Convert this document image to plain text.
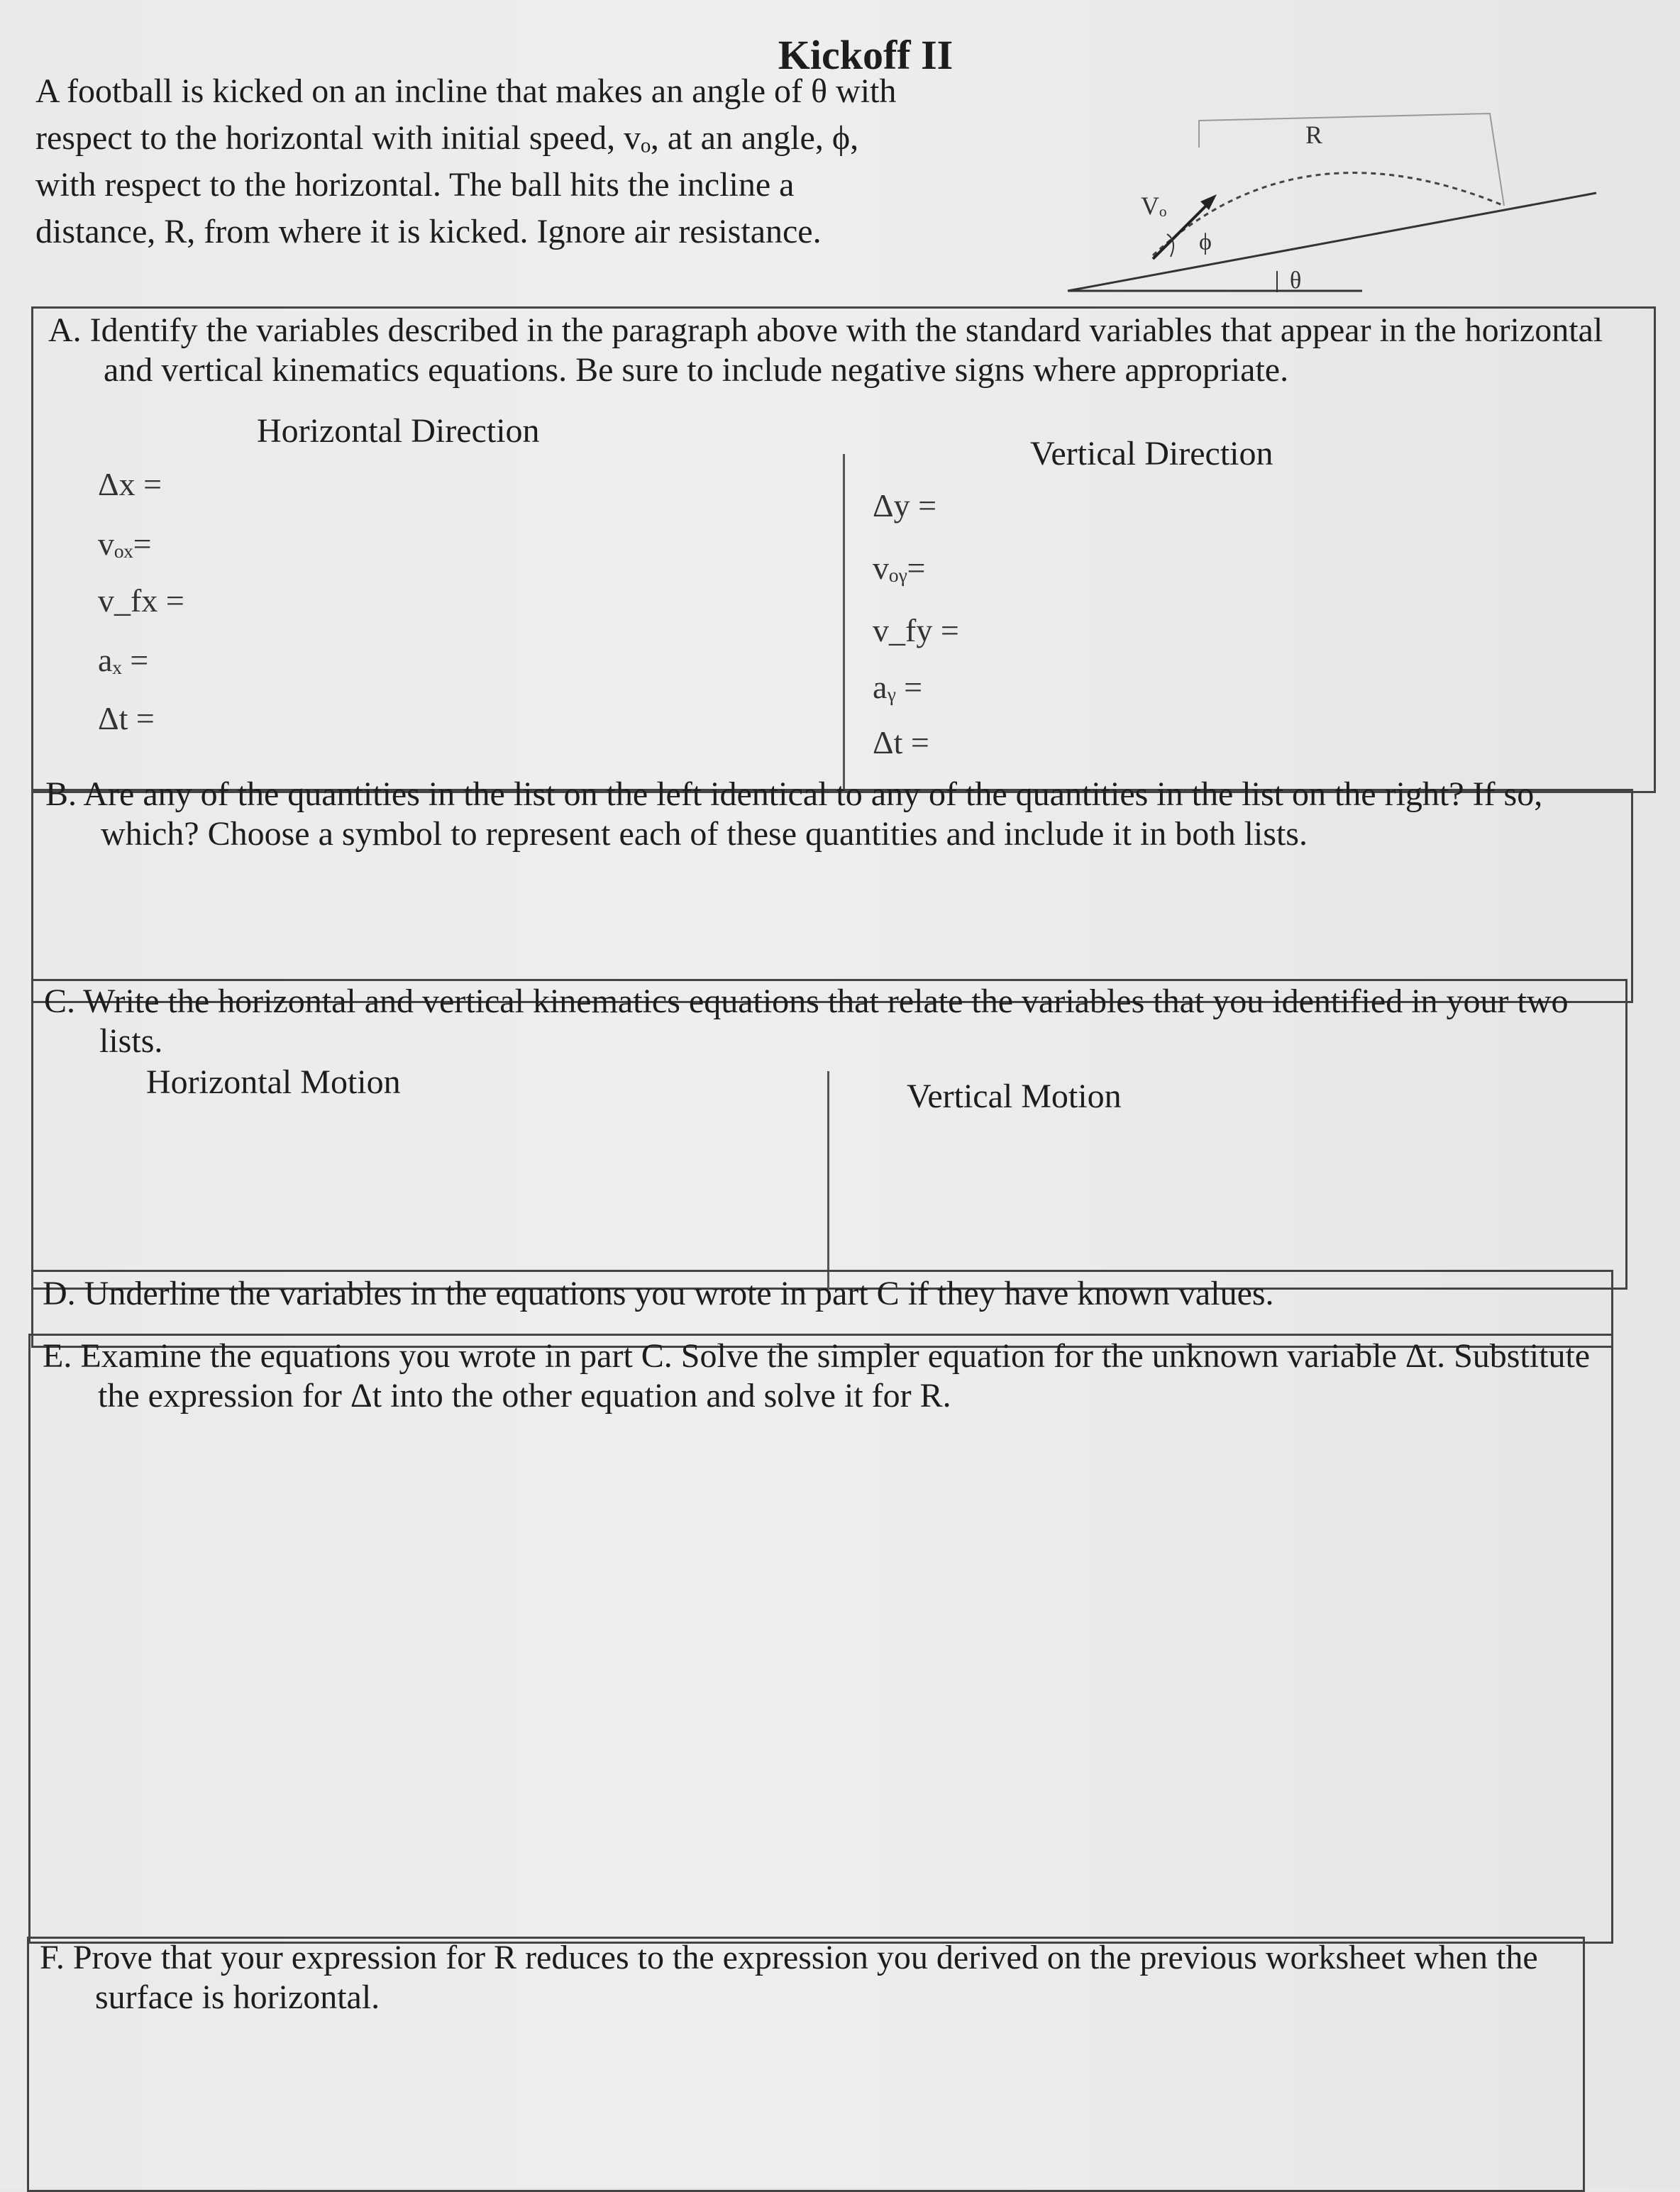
Kickoff II

A football is kicked on an incline that makes an angle of θ with

respect to the horizontal with initial speed, vₒ, at an angle, ϕ,

with respect to the horizontal. The ball hits the incline a

distance, R, from where it is kicked. Ignore air resistance.

R
Vₒ
ϕ
θ
A. Identify the variables described in the paragraph above with the standard variables that appear in the horizontal and vertical kinematics equations. Be sure to include negative signs where appropriate.
Horizontal Direction
Vertical Direction
Δx =
vₒₓ=
v_fx =
aₓ =
Δt =
Δy =
vₒᵧ=
v_fy =
aᵧ =
Δt =
B. Are any of the quantities in the list on the left identical to any of the quantities in the list on the right? If so, which? Choose a symbol to represent each of these quantities and include it in both lists.
C. Write the horizontal and vertical kinematics equations that relate the variables that you identified in your two lists.
Horizontal Motion	Vertical Motion
D. Underline the variables in the equations you wrote in part C if they have known values.
E. Examine the equations you wrote in part C. Solve the simpler equation for the unknown variable Δt. Substitute the expression for Δt into the other equation and solve it for R.
F. Prove that your expression for R reduces to the expression you derived on the previous worksheet when the surface is horizontal.
